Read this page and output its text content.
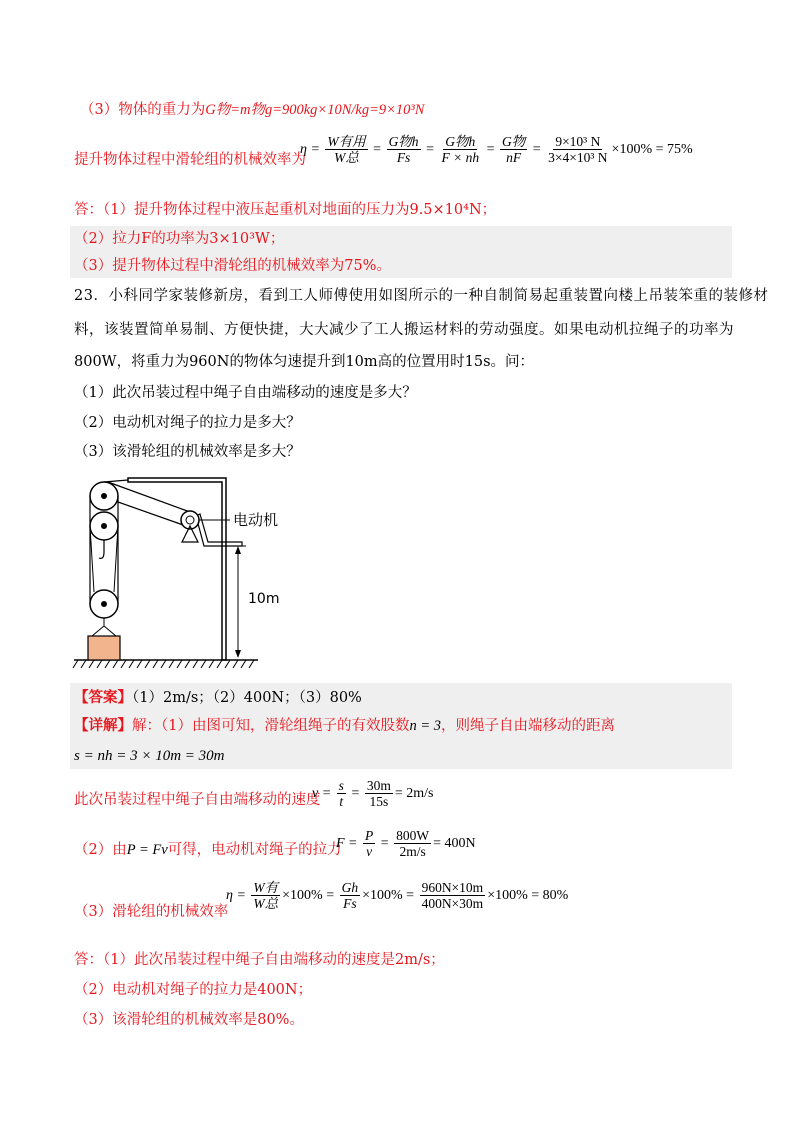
（3）物体的重力为G物=m物g=900kg×10N/kg=9×10³N
提升物体过程中滑轮组的机械效率为
$\eta = \frac{\text{W有用}}{\text{W总}} = \frac{\text{G物h}}{Fs} = \frac{\text{G物h}}{F \times nh} = \frac{\text{G物}}{nF} = \frac{\text{9×10³ N}}{\text{3×4×10³ N}} \times 100\% = 75\%$
答：（1）提升物体过程中液压起重机对地面的压力为9.5×10⁴N；
（2）拉力F的功率为3×10³W；
（3）提升物体过程中滑轮组的机械效率为75%。
23．小科同学家装修新房，看到工人师傅使用如图所示的一种自制简易起重装置向楼上吊装笨重的装修材
料，该装置简单易制、方便快捷，大大减少了工人搬运材料的劳动强度。如果电动机拉绳子的功率为
800W，将重力为960N的物体匀速提升到10m高的位置用时15s。问：
（1）此次吊装过程中绳子自由端移动的速度是多大？
（2）电动机对绳子的拉力是多大？
（3）该滑轮组的机械效率是多大？
电动机
10m
【答案】（1）2m/s；（2）400N；（3）80%
【详解】解：（1）由图可知，滑轮组绳子的有效股数n = 3，则绳子自由端移动的距离
s = nh = 3 × 10m = 30m
此次吊装过程中绳子自由端移动的速度
$v = \frac{s}{t} = \frac{30m}{15s} = 2m/s$
（2）由P = Fv可得，电动机对绳子的拉力
$F = \frac{P}{v} = \frac{800W}{2m/s} = 400N$
（3）滑轮组的机械效率
$\eta = \frac{\text{W有}}{\text{W总}} \times 100\% = \frac{Gh}{Fs} \times 100\% = \frac{960N\times 10m}{400N\times 30m} \times 100\% = 80\%$
答：（1）此次吊装过程中绳子自由端移动的速度是2m/s；
（2）电动机对绳子的拉力是400N；
（3）该滑轮组的机械效率是80%。
